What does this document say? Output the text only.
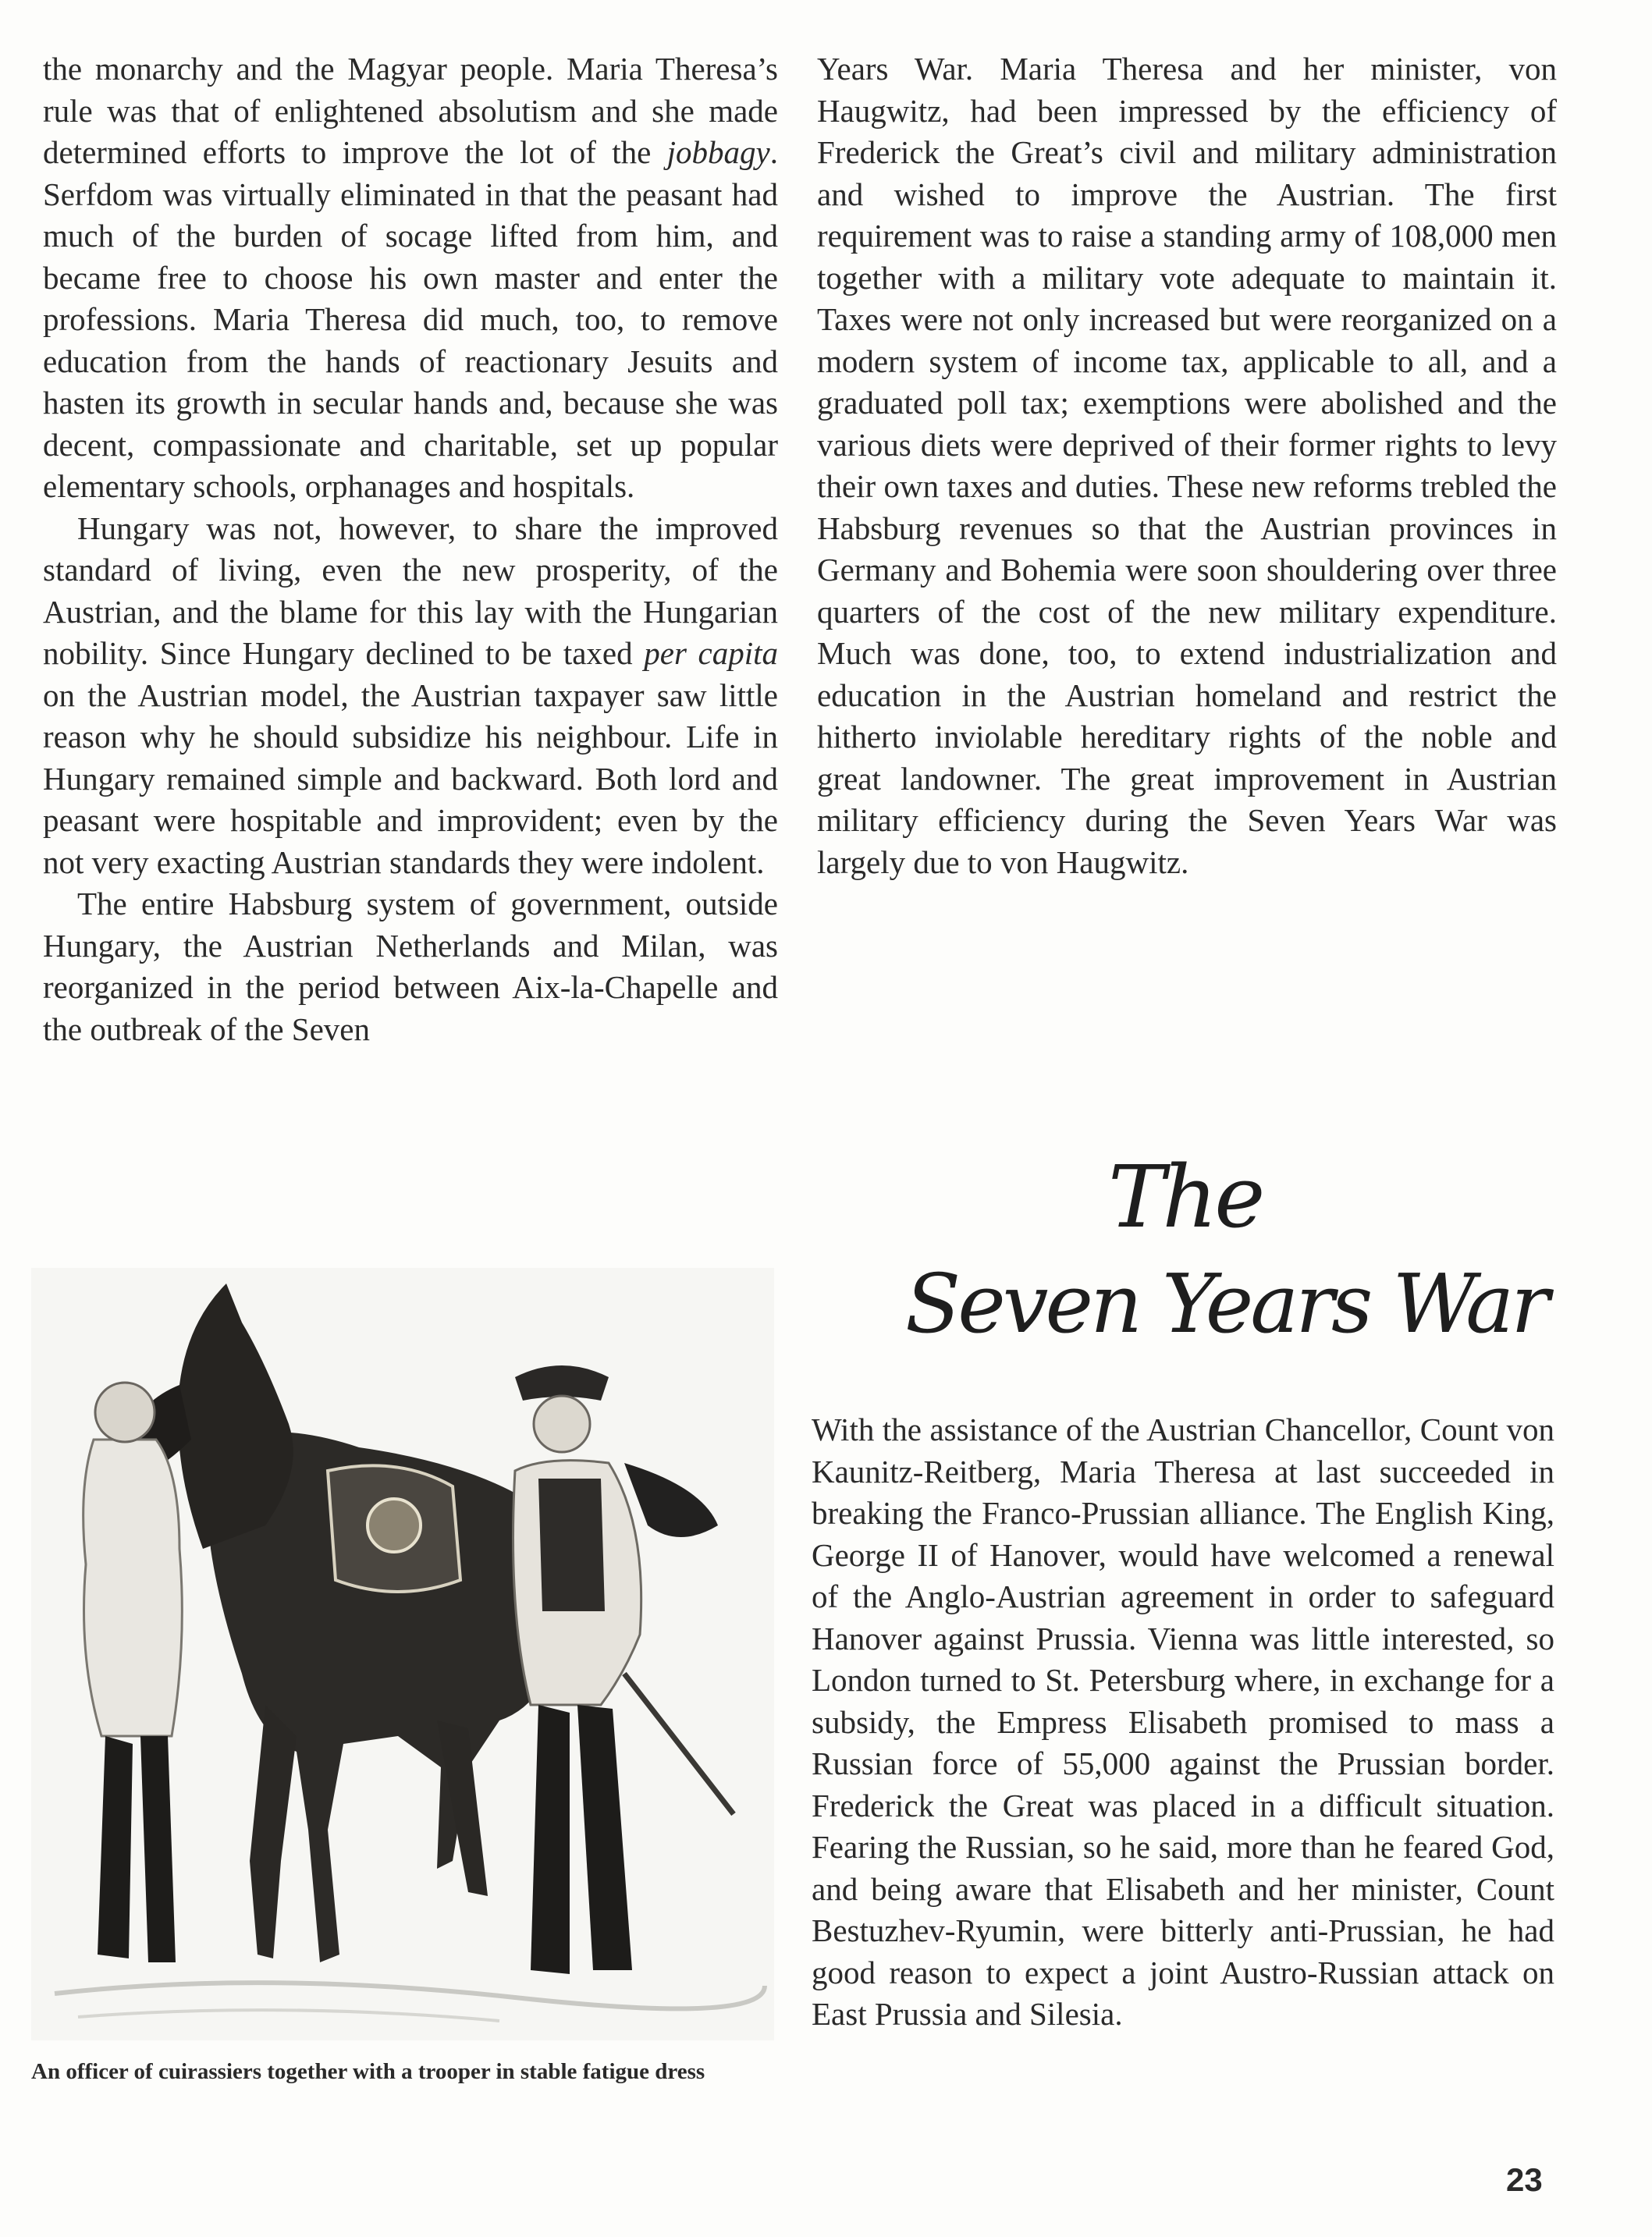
the monarchy and the Magyar people. Maria Theresa’s rule was that of enlightened absolutism and she made determined efforts to improve the lot of the jobbagy. Serfdom was virtually eliminated in that the peasant had much of the burden of socage lifted from him, and became free to choose his own master and enter the professions. Maria Theresa did much, too, to remove education from the hands of reactionary Jesuits and hasten its growth in secular hands and, because she was decent, compassionate and charitable, set up popular elementary schools, orphanages and hospitals.

Hungary was not, however, to share the improved standard of living, even the new prosperity, of the Austrian, and the blame for this lay with the Hungarian nobility. Since Hungary declined to be taxed per capita on the Austrian model, the Austrian taxpayer saw little reason why he should subsidize his neighbour. Life in Hungary remained simple and backward. Both lord and peasant were hospitable and improvident; even by the not very exacting Austrian standards they were indolent.

The entire Habsburg system of government, outside Hungary, the Austrian Netherlands and Milan, was reorganized in the period between Aix-la-Chapelle and the outbreak of the Seven

Years War. Maria Theresa and her minister, von Haugwitz, had been impressed by the efficiency of Frederick the Great’s civil and military administration and wished to improve the Austrian. The first requirement was to raise a standing army of 108,000 men together with a military vote adequate to maintain it. Taxes were not only increased but were reorganized on a modern system of income tax, applicable to all, and a graduated poll tax; exemptions were abolished and the various diets were deprived of their former rights to levy their own taxes and duties. These new reforms trebled the Habsburg revenues so that the Austrian provinces in Germany and Bohemia were soon shouldering over three quarters of the cost of the new military expenditure. Much was done, too, to extend industrialization and education in the Austrian homeland and restrict the hitherto inviolable hereditary rights of the noble and great landowner. The great improvement in Austrian military efficiency during the Seven Years War was largely due to von Haugwitz.

The
Seven Years War
An officer of cuirassiers together with a trooper in stable fatigue dress

With the assistance of the Austrian Chancellor, Count von Kaunitz-Reitberg, Maria Theresa at last succeeded in breaking the Franco-Prussian alliance. The English King, George II of Hanover, would have welcomed a renewal of the Anglo-Austrian agreement in order to safeguard Hanover against Prussia. Vienna was little interested, so London turned to St. Petersburg where, in exchange for a subsidy, the Empress Elisabeth promised to mass a Russian force of 55,000 against the Prussian border. Frederick the Great was placed in a difficult situation. Fearing the Russian, so he said, more than he feared God, and being aware that Elisabeth and her minister, Count Bestuzhev-Ryumin, were bitterly anti-Prussian, he had good reason to expect a joint Austro-Russian attack on East Prussia and Silesia.

23
